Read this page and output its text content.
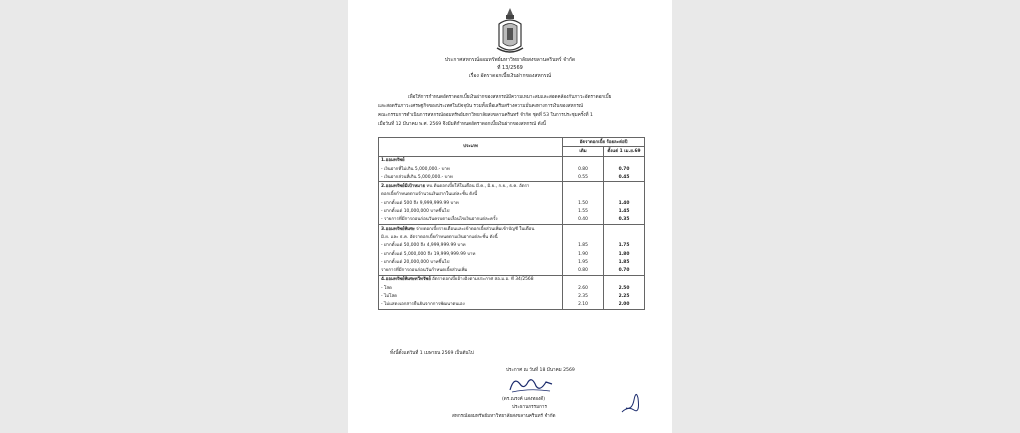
ประกาศสหกรณ์ออมทรัพย์มหาวิทยาลัยสงขลานครินทร์ จำกัด
ที่ 13/2569
เรื่อง อัตราดอกเบี้ยเงินฝากของสหกรณ์
เพื่อให้การกำหนดอัตราดอกเบี้ยเงินฝากของสหกรณ์มีความเหมาะสมและสอดคล้องกับภาวะอัตราดอกเบี้ย
และสอดรับภาวะเศรษฐกิจของประเทศในปัจจุบัน รวมทั้งเพื่อเสริมสร้างความมั่นคงทางการเงินของสหกรณ์
คณะกรรมการดำเนินการสหกรณ์ออมทรัพย์มหาวิทยาลัยสงขลานครินทร์ จำกัด ชุดที่ 53 ในการประชุมครั้งที่ 1
เมื่อวันที่ 12 มีนาคม พ.ศ. 2569 จึงมีมติกำหนดอัตราดอกเบี้ยเงินฝากของสหกรณ์ ดังนี้
ประเภท	อัตราดอกเบี้ย ร้อยละต่อปี	
	เดิม	ตั้งแต่ 1 เม.ย.69
1.ออมทรัพย์		
- เงินฝากที่ไม่เกิน 5,000,000.- บาท	0.80	0.70
- เงินฝากส่วนที่เกิน 5,000,000.- บาท	0.55	0.45
2.ออมทรัพย์มีเป้าหมาย ทบ.ต้นดอกเบี้ยให้ในเดือน มี.ค., มิ.ย., ก.ย., ธ.ค. อัตรา		
ดอกเบี้ยกำหนดตามจำนวนเงินฝากในแต่ละชั้น ดังนี้		
- ฝากตั้งแต่ 500 ถึง 9,999,999.99 บาท	1.50	1.40
- ฝากตั้งแต่ 10,000,000 บาทขึ้นไป	1.55	1.45
- รายการที่มีการถอนก่อนวันครบตามเงื่อนไขเงินฝากแต่ละครั้ง	0.40	0.35
3.ออมทรัพย์พิเศษ จ่ายดอกเบี้ยรายเดือนและเข้าดอกเบี้ยส่วนเพิ่มเข้าบัญชี ในเดือน		
มิ.ย. และ ธ.ค. อัตราดอกเบี้ยกำหนดตามเงินฝากแต่ละชั้น ดังนี้		
- ฝากตั้งแต่ 50,000 ถึง 4,999,999.99 บาท	1.85	1.75
- ฝากตั้งแต่ 5,000,000 ถึง 19,999,999.99 บาท	1.90	1.80
- ฝากตั้งแต่ 20,000,000 บาทขึ้นไป	1.95	1.85
รายการที่มีการถอนก่อนวันกำหนดเบี้ยส่วนเพิ่ม	0.80	0.70
4.ออมทรัพย์พิเศษทวีทรัพย์ อัตราดอกเบี้ยอ้างอิงตามประกาศ สอ.ม.อ. ที่ 34/2568		
- โสด	2.60	2.50
- ไม่โสด	2.35	2.25
- ไม่แสดงเอกสารยืนยันจากการพัฒนาตนเอง	2.10	2.00
ทั้งนี้ตั้งแต่วันที่ 1 เมษายน 2569 เป็นต้นไป
ประกาศ ณ วันที่ 18 มีนาคม 2569
(ดร.ณรงค์ แสงทองดี)
ประธานกรรมการ
สหกรณ์ออมทรัพย์มหาวิทยาลัยสงขลานครินทร์ จำกัด
